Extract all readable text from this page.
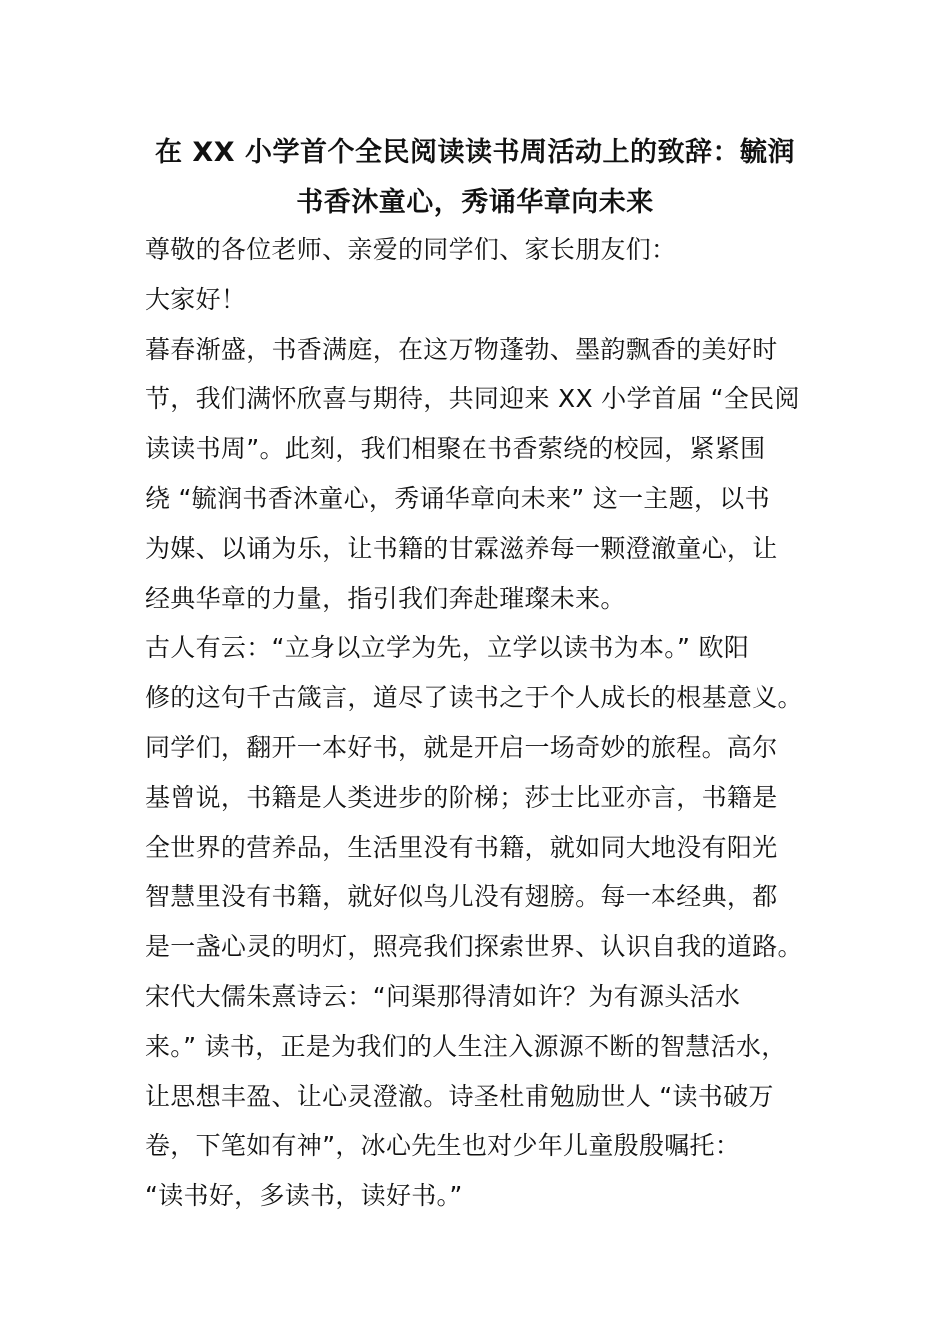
在 XX 小学首个全民阅读读书周活动上的致辞：毓润
书香沐童心，秀诵华章向未来
尊敬的各位老师、亲爱的同学们、家长朋友们：
大家好！
暮春渐盛，书香满庭，在这万物蓬勃、墨韵飘香的美好时
节，我们满怀欣喜与期待，共同迎来 XX 小学首届 “全民阅
读读书周”。此刻，我们相聚在书香萦绕的校园，紧紧围
绕 “毓润书香沐童心，秀诵华章向未来” 这一主题，以书
为媒、以诵为乐，让书籍的甘霖滋养每一颗澄澈童心，让
经典华章的力量，指引我们奔赴璀璨未来。
古人有云：“立身以立学为先，立学以读书为本。” 欧阳
修的这句千古箴言，道尽了读书之于个人成长的根基意义。
同学们，翻开一本好书，就是开启一场奇妙的旅程。高尔
基曾说，书籍是人类进步的阶梯；莎士比亚亦言，书籍是
全世界的营养品，生活里没有书籍，就如同大地没有阳光
智慧里没有书籍，就好似鸟儿没有翅膀。每一本经典，都
是一盏心灵的明灯，照亮我们探索世界、认识自我的道路。
宋代大儒朱熹诗云：“问渠那得清如许？为有源头活水
来。” 读书，正是为我们的人生注入源源不断的智慧活水，
让思想丰盈、让心灵澄澈。诗圣杜甫勉励世人 “读书破万
卷，下笔如有神”，冰心先生也对少年儿童殷殷嘱托：
“读书好，多读书，读好书。”
